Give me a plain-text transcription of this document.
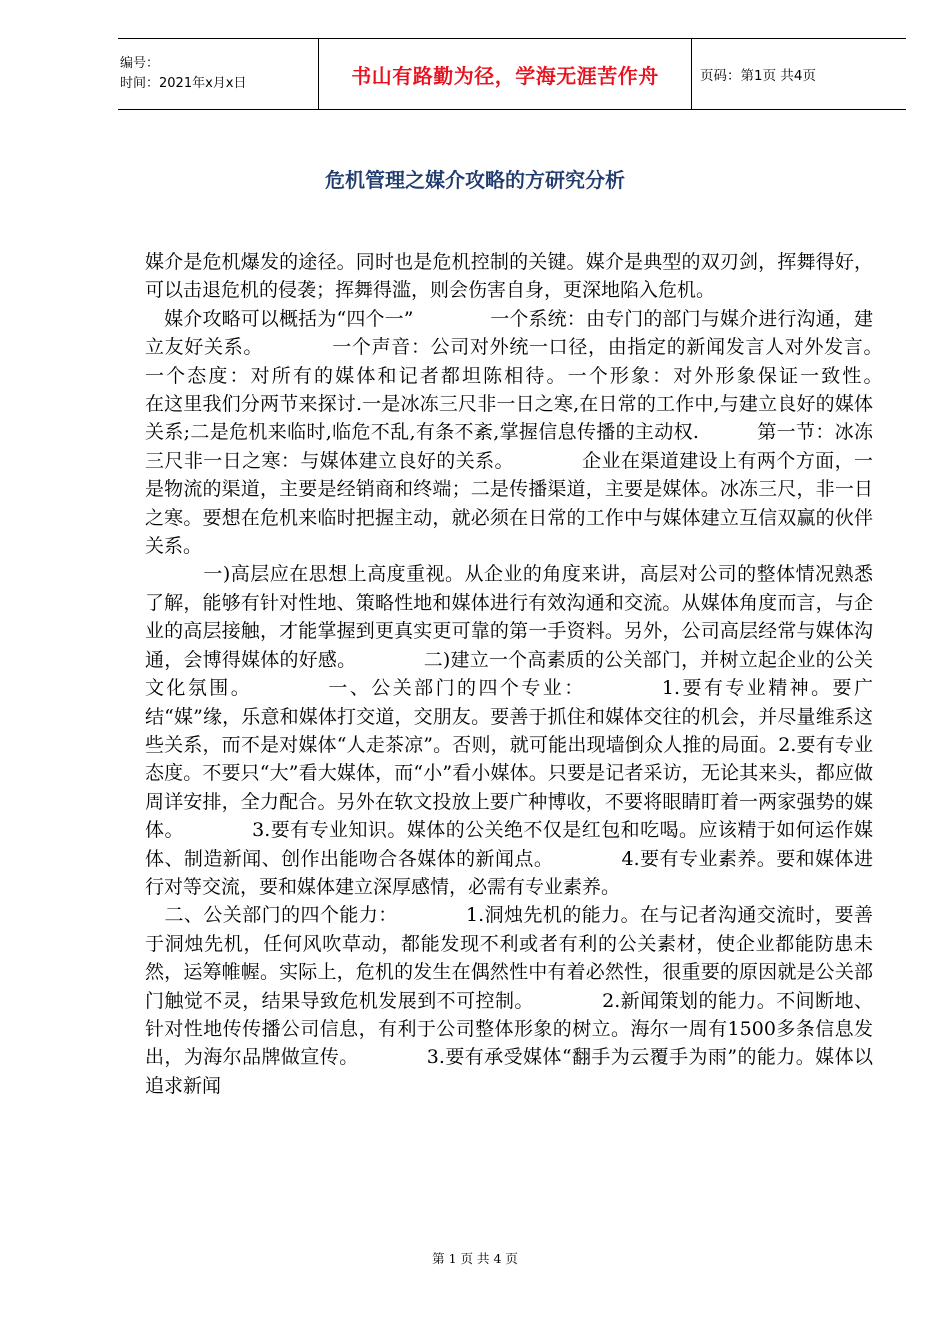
编号：
时间：2021年x月x日	书山有路勤为径，学海无涯苦作舟	页码：第1页 共4页
危机管理之媒介攻略的方研究分析

媒介是危机爆发的途径。同时也是危机控制的关键。媒介是典型的双刃剑，挥舞得好，可以击退危机的侵袭；挥舞得滥，则会伤害自身，更深地陷入危机。

　媒介攻略可以概括为“四个一”　　　　一个系统：由专门的部门与媒介进行沟通，建立友好关系。　　　　一个声音：公司对外统一口径，由指定的新闻发言人对外发言。　　　　一个态度：对所有的媒体和记者都坦陈相待。一个形象：对外形象保证一致性。　　　　在这里我们分两节来探讨.一是冰冻三尺非一日之寒,在日常的工作中,与建立良好的媒体关系;二是危机来临时,临危不乱,有条不紊,掌握信息传播的主动权.　　　第一节：冰冻三尺非一日之寒：与媒体建立良好的关系。　　　　企业在渠道建设上有两个方面，一是物流的渠道，主要是经销商和终端；二是传播渠道，主要是媒体。冰冻三尺，非一日之寒。要想在危机来临时把握主动，就必须在日常的工作中与媒体建立互信双赢的伙伴关系。

　　　一)高层应在思想上高度重视。从企业的角度来讲，高层对公司的整体情况熟悉了解，能够有针对性地、策略性地和媒体进行有效沟通和交流。从媒体角度而言，与企业的高层接触，才能掌握到更真实更可靠的第一手资料。另外，公司高层经常与媒体沟通，会博得媒体的好感。　　　　二)建立一个高素质的公关部门，并树立起企业的公关文化氛围。　　　　一、公关部门的四个专业：　　　　1.要有专业精神。要广结“媒”缘，乐意和媒体打交道，交朋友。要善于抓住和媒体交往的机会，并尽量维系这些关系，而不是对媒体“人走茶凉”。否则，就可能出现墙倒众人推的局面。2.要有专业态度。不要只“大”看大媒体，而“小”看小媒体。只要是记者采访，无论其来头，都应做周详安排，全力配合。另外在软文投放上要广种博收，不要将眼睛盯着一两家强势的媒体。　　　　3.要有专业知识。媒体的公关绝不仅是红包和吃喝。应该精于如何运作媒体、制造新闻、创作出能吻合各媒体的新闻点。　　　　4.要有专业素养。要和媒体进行对等交流，要和媒体建立深厚感情，必需有专业素养。

　二、公关部门的四个能力：　　　　1.洞烛先机的能力。在与记者沟通交流时，要善于洞烛先机，任何风吹草动，都能发现不利或者有利的公关素材，使企业都能防患未然，运筹帷幄。实际上，危机的发生在偶然性中有着必然性，很重要的原因就是公关部门触觉不灵，结果导致危机发展到不可控制。　　　　2.新闻策划的能力。不间断地、针对性地传传播公司信息，有利于公司整体形象的树立。海尔一周有1500多条信息发出，为海尔品牌做宣传。　　　　3.要有承受媒体“翻手为云覆手为雨”的能力。媒体以追求新闻

第 1 页 共 4 页
